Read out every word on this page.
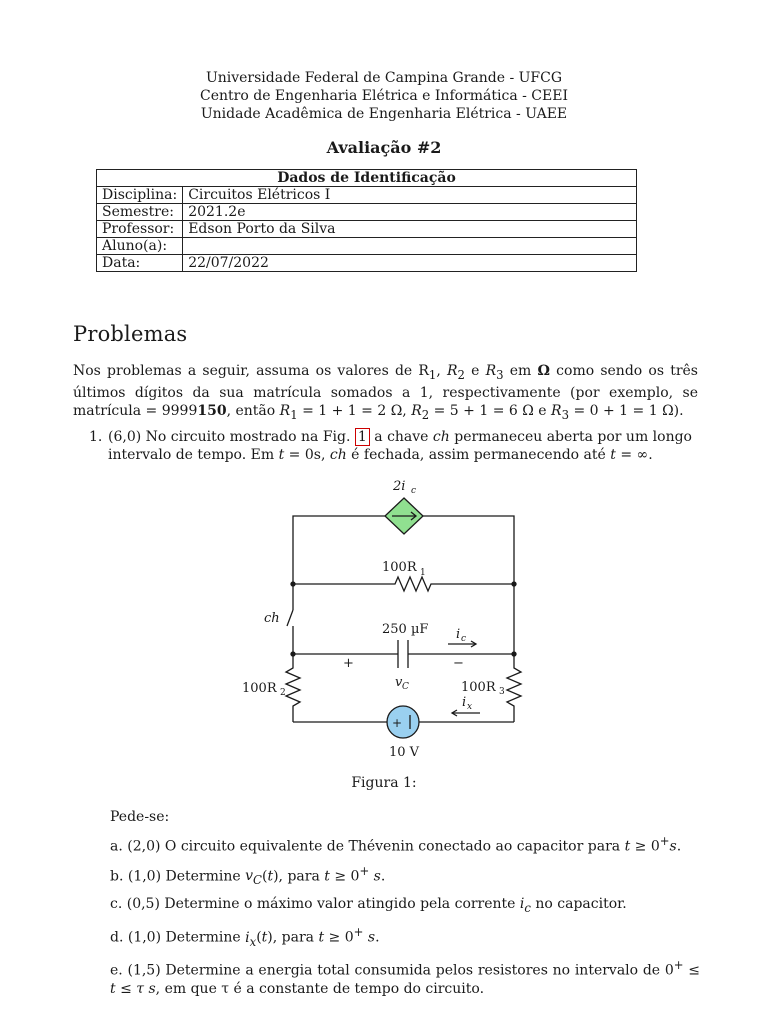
Universidade Federal de Campina Grande - UFCG
Centro de Engenharia Elétrica e Informática - CEEI
Unidade Acadêmica de Engenharia Elétrica - UAEE
Avaliação #2
Dados de Identificação	
Disciplina:	Circuitos Elétricos I
Semestre:	2021.2e
Professor:	Edson Porto da Silva
Aluno(a):	
Data:	22/07/2022
Problemas
Nos problemas a seguir, assuma os valores de $R_1$, $R_2$ e $R_3$ em Ω como sendo os três últimos dígitos da sua matrícula somados a 1, respectivamente (por exemplo, se matrícula = 9999150, então $R_1 = 1 + 1 = 2$ Ω, $R_2 = 5 + 1 = 6$ Ω e $R_3 = 0 + 1 = 1$ Ω).
1. (6,0) No circuito mostrado na Fig. 1 a chave ch permaneceu aberta por um longo intervalo de tempo. Em t = 0s, ch é fechada, assim permanecendo até t = ∞.
2i c
100R 1
ch
250 µF i c
+	−
v C
100R 2	100R 3
i x
+
10 V
Figura 1:
Pede-se:
a. (2,0) O circuito equivalente de Thévenin conectado ao capacitor para t ≥ 0+s.
b. (1,0) Determine $v_C(t)$, para t ≥ 0+ s.
c. (0,5) Determine o máximo valor atingido pela corrente $i_c$ no capacitor.
d. (1,0) Determine $i_x(t)$, para t ≥ 0+ s.
e. (1,5) Determine a energia total consumida pelos resistores no intervalo de 0+ ≤ t ≤ τ s, em que τ é a constante de tempo do circuito.
